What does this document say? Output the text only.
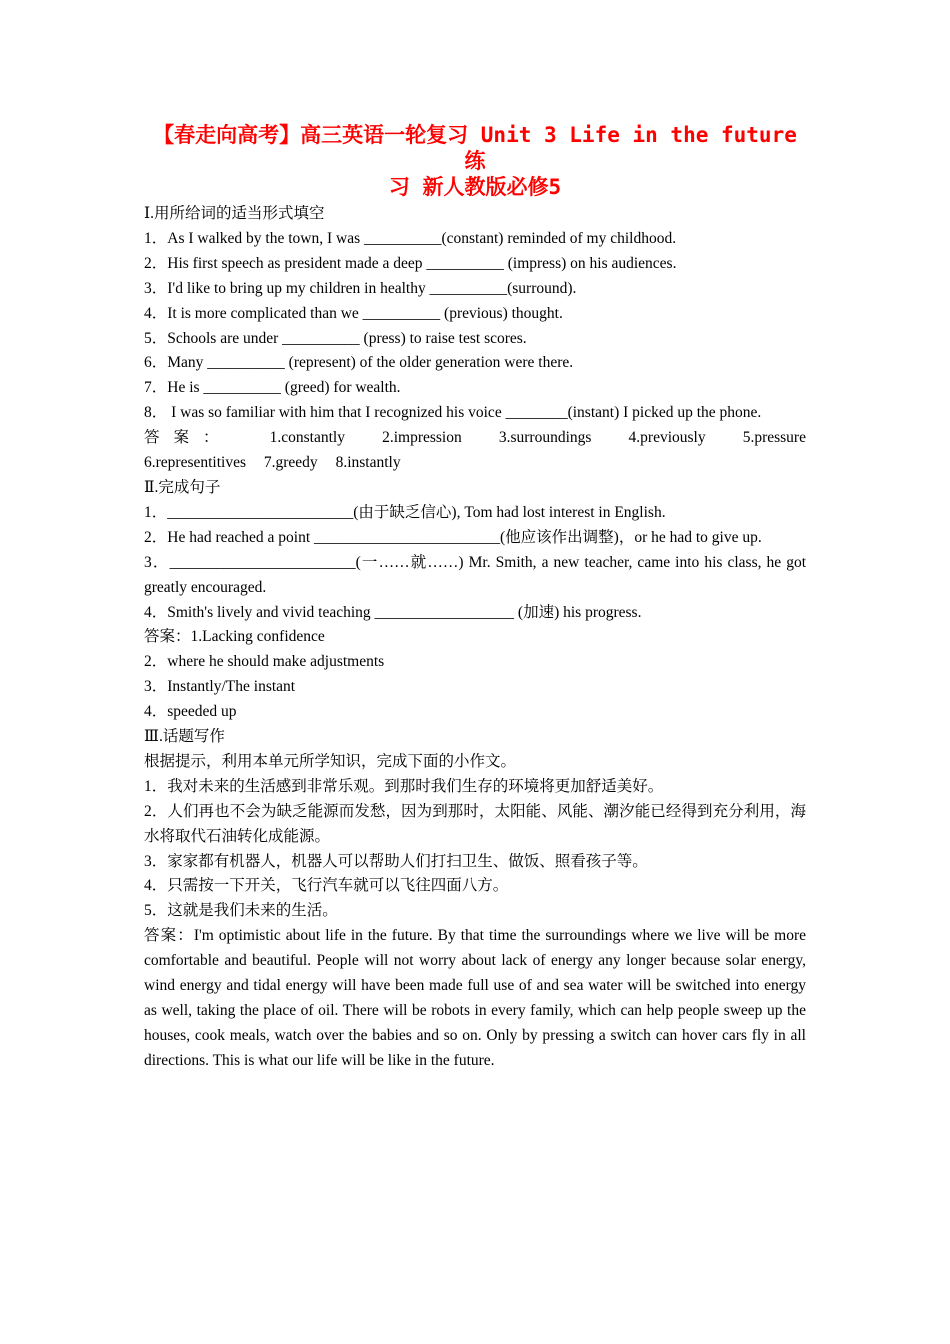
【春走向高考】高三英语一轮复习 Unit 3 Life in the future练
习 新人教版必修5

Ⅰ.用所给词的适当形式填空

1．As I walked by the town, I was __________(constant) reminded of my childhood.

2．His first speech as president made a deep __________ (impress) on his audiences.

3．I'd like to bring up my children in healthy __________(surround).

4．It is more complicated than we __________ (previous) thought.

5．Schools are under __________ (press) to raise test scores.

6．Many __________ (represent) of the older generation were there.

7．He is __________ (greed) for wealth.

8． I was so familiar with him that I recognized his voice ________(instant) I picked up the phone.

答案： 1.constantly 2.impression 3.surroundings 4.previously 5.pressure
6.representitives 7.greedy 8.instantly

Ⅱ.完成句子

1．________________________(由于缺乏信心), Tom had lost interest in English.

2．He had reached a point ________________________(他应该作出调整)，or he had to give up.

3．________________________(一……就……) Mr. Smith, a new teacher, came into his class, he got greatly encouraged.

4．Smith's lively and vivid teaching __________________ (加速) his progress.

答案：1.Lacking confidence

2．where he should make adjustments

3．Instantly/The instant

4．speeded up

Ⅲ.话题写作

根据提示，利用本单元所学知识，完成下面的小作文。

1．我对未来的生活感到非常乐观。到那时我们生存的环境将更加舒适美好。

2．人们再也不会为缺乏能源而发愁，因为到那时，太阳能、风能、潮汐能已经得到充分利用，海水将取代石油转化成能源。

3．家家都有机器人，机器人可以帮助人们打扫卫生、做饭、照看孩子等。

4．只需按一下开关，飞行汽车就可以飞往四面八方。

5．这就是我们未来的生活。

答案：I'm optimistic about life in the future. By that time the surroundings where we live will be more comfortable and beautiful. People will not worry about lack of energy any longer because solar energy, wind energy and tidal energy will have been made full use of and sea water will be switched into energy as well, taking the place of oil. There will be robots in every family, which can help people sweep up the houses, cook meals, watch over the babies and so on. Only by pressing a switch can hover cars fly in all directions. This is what our life will be like in the future.
